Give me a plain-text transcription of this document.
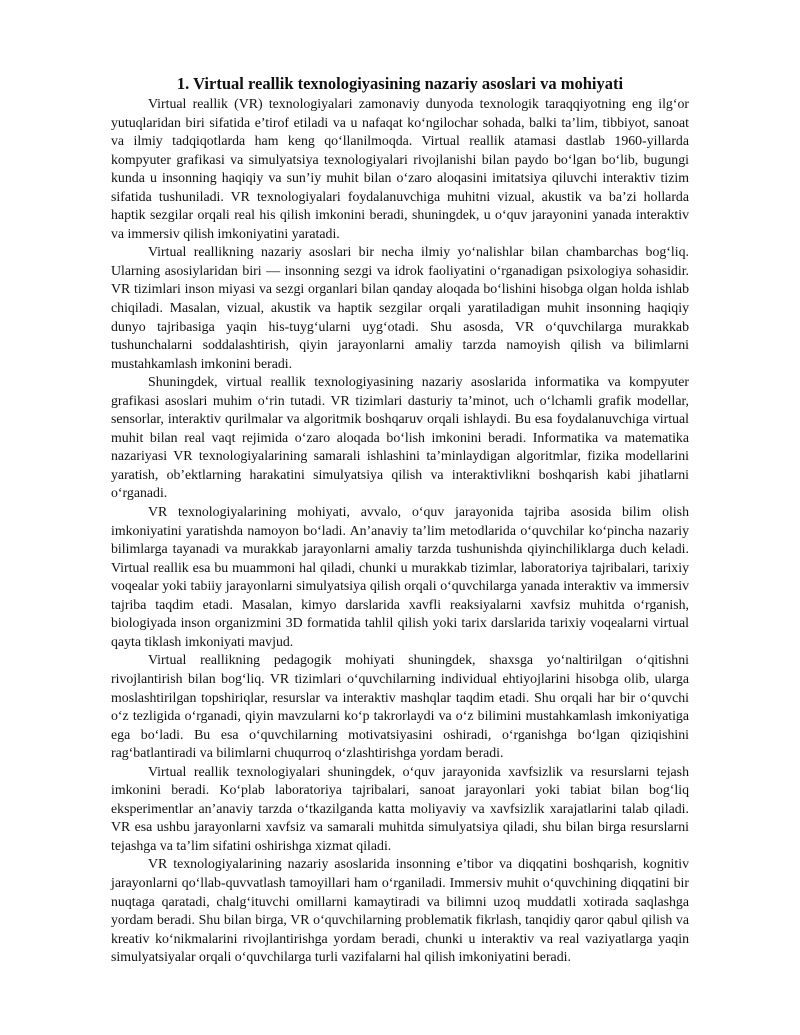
1. Virtual reallik texnologiyasining nazariy asoslari va mohiyati

Virtual reallik (VR) texnologiyalari zamonaviy dunyoda texnologik taraqqiyotning eng ilg‘or yutuqlaridan biri sifatida e’tirof etiladi va u nafaqat ko‘ngilochar sohada, balki ta’lim, tibbiyot, sanoat va ilmiy tadqiqotlarda ham keng qo‘llanilmoqda. Virtual reallik atamasi dastlab 1960-yillarda kompyuter grafikasi va simulyatsiya texnologiyalari rivojlanishi bilan paydo bo‘lgan bo‘lib, bugungi kunda u insonning haqiqiy va sun’iy muhit bilan o‘zaro aloqasini imitatsiya qiluvchi interaktiv tizim sifatida tushuniladi. VR texnologiyalari foydalanuvchiga muhitni vizual, akustik va ba’zi hollarda haptik sezgilar orqali real his qilish imkonini beradi, shuningdek, u o‘quv jarayonini yanada interaktiv va immersiv qilish imkoniyatini yaratadi.

Virtual reallikning nazariy asoslari bir necha ilmiy yo‘nalishlar bilan chambarchas bog‘liq. Ularning asosiylaridan biri — insonning sezgi va idrok faoliyatini o‘rganadigan psixologiya sohasidir. VR tizimlari inson miyasi va sezgi organlari bilan qanday aloqada bo‘lishini hisobga olgan holda ishlab chiqiladi. Masalan, vizual, akustik va haptik sezgilar orqali yaratiladigan muhit insonning haqiqiy dunyo tajribasiga yaqin his-tuyg‘ularni uyg‘otadi. Shu asosda, VR o‘quvchilarga murakkab tushunchalarni soddalashtirish, qiyin jarayonlarni amaliy tarzda namoyish qilish va bilimlarni mustahkamlash imkonini beradi.

Shuningdek, virtual reallik texnologiyasining nazariy asoslarida informatika va kompyuter grafikasi asoslari muhim o‘rin tutadi. VR tizimlari dasturiy ta’minot, uch o‘lchamli grafik modellar, sensorlar, interaktiv qurilmalar va algoritmik boshqaruv orqali ishlaydi. Bu esa foydalanuvchiga virtual muhit bilan real vaqt rejimida o‘zaro aloqada bo‘lish imkonini beradi. Informatika va matematika nazariyasi VR texnologiyalarining samarali ishlashini ta’minlaydigan algoritmlar, fizika modellarini yaratish, ob’ektlarning harakatini simulyatsiya qilish va interaktivlikni boshqarish kabi jihatlarni o‘rganadi.

VR texnologiyalarining mohiyati, avvalo, o‘quv jarayonida tajriba asosida bilim olish imkoniyatini yaratishda namoyon bo‘ladi. An’anaviy ta’lim metodlarida o‘quvchilar ko‘pincha nazariy bilimlarga tayanadi va murakkab jarayonlarni amaliy tarzda tushunishda qiyinchiliklarga duch keladi. Virtual reallik esa bu muammoni hal qiladi, chunki u murakkab tizimlar, laboratoriya tajribalari, tarixiy voqealar yoki tabiiy jarayonlarni simulyatsiya qilish orqali o‘quvchilarga yanada interaktiv va immersiv tajriba taqdim etadi. Masalan, kimyo darslarida xavfli reaksiyalarni xavfsiz muhitda o‘rganish, biologiyada inson organizmini 3D formatida tahlil qilish yoki tarix darslarida tarixiy voqealarni virtual qayta tiklash imkoniyati mavjud.

Virtual reallikning pedagogik mohiyati shuningdek, shaxsga yo‘naltirilgan o‘qitishni rivojlantirish bilan bog‘liq. VR tizimlari o‘quvchilarning individual ehtiyojlarini hisobga olib, ularga moslashtirilgan topshiriqlar, resurslar va interaktiv mashqlar taqdim etadi. Shu orqali har bir o‘quvchi o‘z tezligida o‘rganadi, qiyin mavzularni ko‘p takrorlaydi va o‘z bilimini mustahkamlash imkoniyatiga ega bo‘ladi. Bu esa o‘quvchilarning motivatsiyasini oshiradi, o‘rganishga bo‘lgan qiziqishini rag‘batlantiradi va bilimlarni chuqurroq o‘zlashtirishga yordam beradi.

Virtual reallik texnologiyalari shuningdek, o‘quv jarayonida xavfsizlik va resurslarni tejash imkonini beradi. Ko‘plab laboratoriya tajribalari, sanoat jarayonlari yoki tabiat bilan bog‘liq eksperimentlar an’anaviy tarzda o‘tkazilganda katta moliyaviy va xavfsizlik xarajatlarini talab qiladi. VR esa ushbu jarayonlarni xavfsiz va samarali muhitda simulyatsiya qiladi, shu bilan birga resurslarni tejashga va ta’lim sifatini oshirishga xizmat qiladi.

VR texnologiyalarining nazariy asoslarida insonning e’tibor va diqqatini boshqarish, kognitiv jarayonlarni qo‘llab-quvvatlash tamoyillari ham o‘rganiladi. Immersiv muhit o‘quvchining diqqatini bir nuqtaga qaratadi, chalg‘ituvchi omillarni kamaytiradi va bilimni uzoq muddatli xotirada saqlashga yordam beradi. Shu bilan birga, VR o‘quvchilarning problematik fikrlash, tanqidiy qaror qabul qilish va kreativ ko‘nikmalarini rivojlantirishga yordam beradi, chunki u interaktiv va real vaziyatlarga yaqin simulyatsiyalar orqali o‘quvchilarga turli vazifalarni hal qilish imkoniyatini beradi.
